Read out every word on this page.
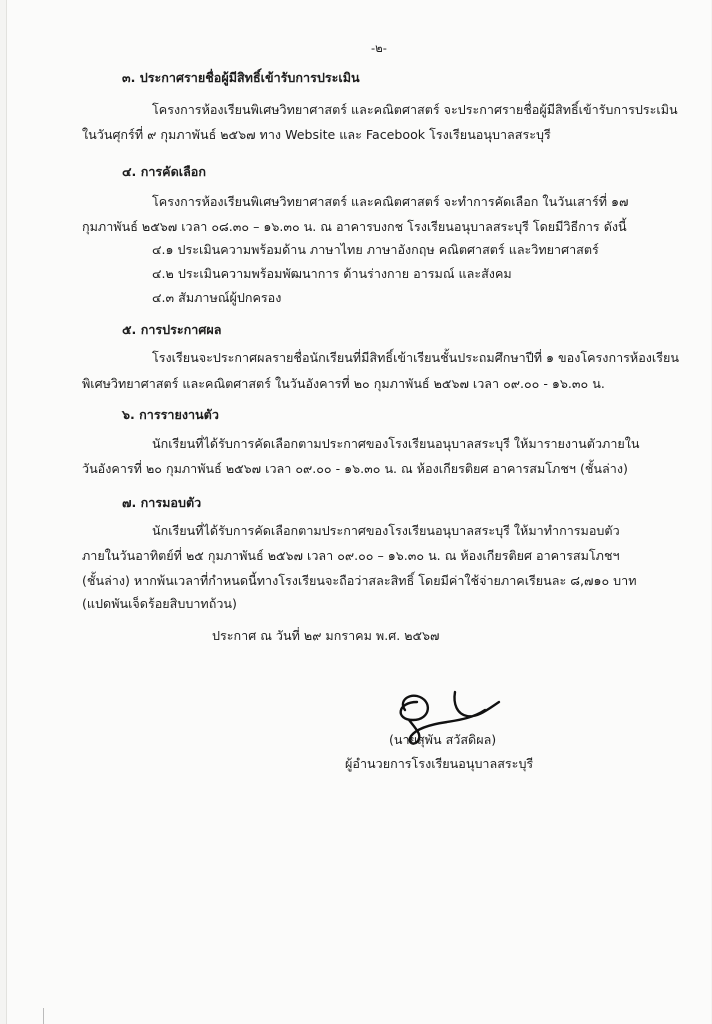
-๒-
๓. ประกาศรายชื่อผู้มีสิทธิ์เข้ารับการประเมิน
โครงการห้องเรียนพิเศษวิทยาศาสตร์ และคณิตศาสตร์ จะประกาศรายชื่อผู้มีสิทธิ์เข้ารับการประเมิน
ในวันศุกร์ที่ ๙ กุมภาพันธ์ ๒๕๖๗ ทาง Website และ Facebook โรงเรียนอนุบาลสระบุรี
๔. การคัดเลือก
โครงการห้องเรียนพิเศษวิทยาศาสตร์ และคณิตศาสตร์ จะทำการคัดเลือก ในวันเสาร์ที่ ๑๗
กุมภาพันธ์ ๒๕๖๗ เวลา ๐๘.๓๐ – ๑๖.๓๐ น. ณ อาคารบงกช โรงเรียนอนุบาลสระบุรี โดยมีวิธีการ ดังนี้
๔.๑ ประเมินความพร้อมด้าน ภาษาไทย ภาษาอังกฤษ คณิตศาสตร์ และวิทยาศาสตร์
๔.๒ ประเมินความพร้อมพัฒนาการ ด้านร่างกาย อารมณ์ และสังคม
๔.๓ สัมภาษณ์ผู้ปกครอง
๕. การประกาศผล
โรงเรียนจะประกาศผลรายชื่อนักเรียนที่มีสิทธิ์เข้าเรียนชั้นประถมศึกษาปีที่ ๑ ของโครงการห้องเรียน
พิเศษวิทยาศาสตร์ และคณิตศาสตร์ ในวันอังคารที่ ๒๐ กุมภาพันธ์ ๒๕๖๗ เวลา ๐๙.๐๐ - ๑๖.๓๐ น.
๖. การรายงานตัว
นักเรียนที่ได้รับการคัดเลือกตามประกาศของโรงเรียนอนุบาลสระบุรี ให้มารายงานตัวภายใน
วันอังคารที่ ๒๐ กุมภาพันธ์ ๒๕๖๗ เวลา ๐๙.๐๐ - ๑๖.๓๐ น. ณ ห้องเกียรติยศ อาคารสมโภชฯ (ชั้นล่าง)
๗. การมอบตัว
นักเรียนที่ได้รับการคัดเลือกตามประกาศของโรงเรียนอนุบาลสระบุรี ให้มาทำการมอบตัว
ภายในวันอาทิตย์ที่ ๒๕ กุมภาพันธ์ ๒๕๖๗ เวลา ๐๙.๐๐ – ๑๖.๓๐ น. ณ ห้องเกียรติยศ อาคารสมโภชฯ
(ชั้นล่าง) หากพ้นเวลาที่กำหนดนี้ทางโรงเรียนจะถือว่าสละสิทธิ์ โดยมีค่าใช้จ่ายภาคเรียนละ ๘,๗๑๐ บาท
(แปดพันเจ็ดร้อยสิบบาทถ้วน)
ประกาศ ณ วันที่ ๒๙ มกราคม พ.ศ. ๒๕๖๗
(นายสุพัน สวัสดิผล)
ผู้อำนวยการโรงเรียนอนุบาลสระบุรี
